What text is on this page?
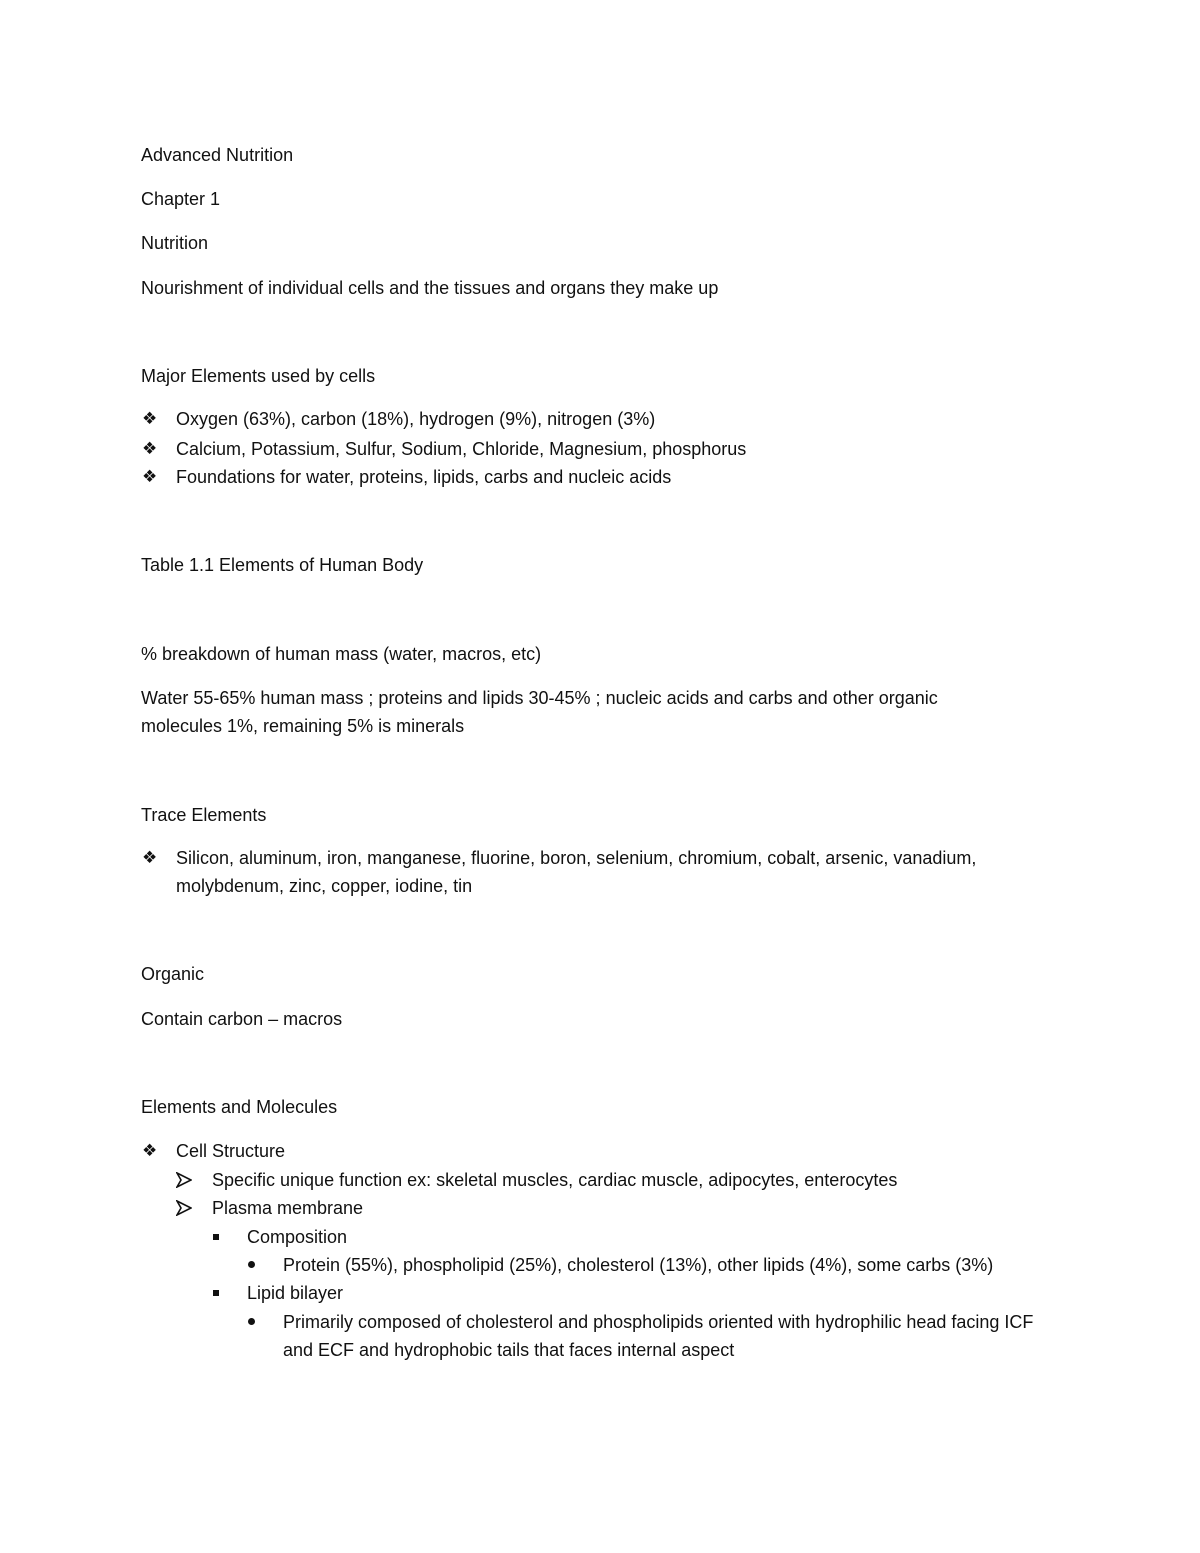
Advanced Nutrition
Chapter 1
Nutrition
Nourishment of individual cells and the tissues and organs they make up
Major Elements used by cells
❖ Oxygen (63%), carbon (18%), hydrogen (9%), nitrogen (3%)
❖ Calcium, Potassium, Sulfur, Sodium, Chloride, Magnesium, phosphorus
❖ Foundations for water, proteins, lipids, carbs and nucleic acids
Table 1.1 Elements of Human Body
% breakdown of human mass (water, macros, etc)
Water 55-65% human mass ; proteins and lipids 30-45% ; nucleic acids and carbs and other organic molecules 1%, remaining 5% is minerals
Trace Elements
❖ Silicon, aluminum, iron, manganese, fluorine, boron, selenium, chromium, cobalt, arsenic, vanadium, molybdenum, zinc, copper, iodine, tin
Organic
Contain carbon – macros
Elements and Molecules
❖ Cell Structure
Specific unique function ex: skeletal muscles, cardiac muscle, adipocytes, enterocytes
Plasma membrane
Composition
Protein (55%), phospholipid (25%), cholesterol (13%), other lipids (4%), some carbs (3%)
Lipid bilayer
Primarily composed of cholesterol and phospholipids oriented with hydrophilic head facing ICF and ECF and hydrophobic tails that faces internal aspect
